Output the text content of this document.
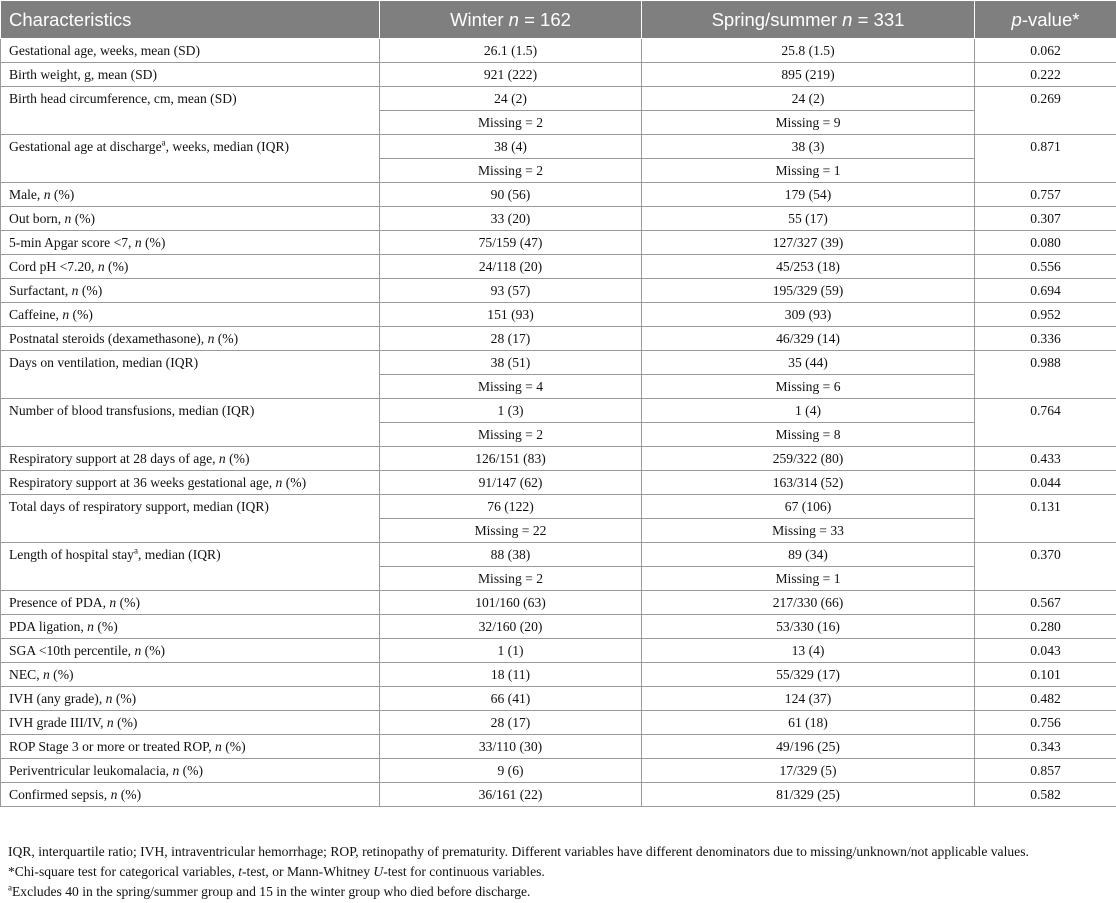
Characteristics	Winter n = 162	Spring/summer n = 331	p-value*
Gestational age, weeks, mean (SD)	26.1 (1.5)	25.8 (1.5)	0.062
Birth weight, g, mean (SD)	921 (222)	895 (219)	0.222
Birth head circumference, cm, mean (SD)	24 (2)	24 (2)	0.269
	Missing = 2	Missing = 9	
Gestational age at discharge$^a$, weeks, median (IQR)	38 (4)	38 (3)	0.871
	Missing = 2	Missing = 1	
Male, n (%)	90 (56)	179 (54)	0.757
Out born, n (%)	33 (20)	55 (17)	0.307
5-min Apgar score <7, n (%)	75/159 (47)	127/327 (39)	0.080
Cord pH <7.20, n (%)	24/118 (20)	45/253 (18)	0.556
Surfactant, n (%)	93 (57)	195/329 (59)	0.694
Caffeine, n (%)	151 (93)	309 (93)	0.952
Postnatal steroids (dexamethasone), n (%)	28 (17)	46/329 (14)	0.336
Days on ventilation, median (IQR)	38 (51)	35 (44)	0.988
	Missing = 4	Missing = 6	
Number of blood transfusions, median (IQR)	1 (3)	1 (4)	0.764
	Missing = 2	Missing = 8	
Respiratory support at 28 days of age, n (%)	126/151 (83)	259/322 (80)	0.433
Respiratory support at 36 weeks gestational age, n (%)	91/147 (62)	163/314 (52)	0.044
Total days of respiratory support, median (IQR)	76 (122)	67 (106)	0.131
	Missing = 22	Missing = 33	
Length of hospital stay$^a$, median (IQR)	88 (38)	89 (34)	0.370
	Missing = 2	Missing = 1	
Presence of PDA, n (%)	101/160 (63)	217/330 (66)	0.567
PDA ligation, n (%)	32/160 (20)	53/330 (16)	0.280
SGA <10th percentile, n (%)	1 (1)	13 (4)	0.043
NEC, n (%)	18 (11)	55/329 (17)	0.101
IVH (any grade), n (%)	66 (41)	124 (37)	0.482
IVH grade III/IV, n (%)	28 (17)	61 (18)	0.756
ROP Stage 3 or more or treated ROP, n (%)	33/110 (30)	49/196 (25)	0.343
Periventricular leukomalacia, n (%)	9 (6)	17/329 (5)	0.857
Confirmed sepsis, n (%)	36/161 (22)	81/329 (25)	0.582

IQR, interquartile ratio; IVH, intraventricular hemorrhage; ROP, retinopathy of prematurity. Different variables have different denominators due to missing/unknown/not applicable values.

*Chi-square test for categorical variables, t-test, or Mann-Whitney U-test for continuous variables.

$^a$Excludes 40 in the spring/summer group and 15 in the winter group who died before discharge.
